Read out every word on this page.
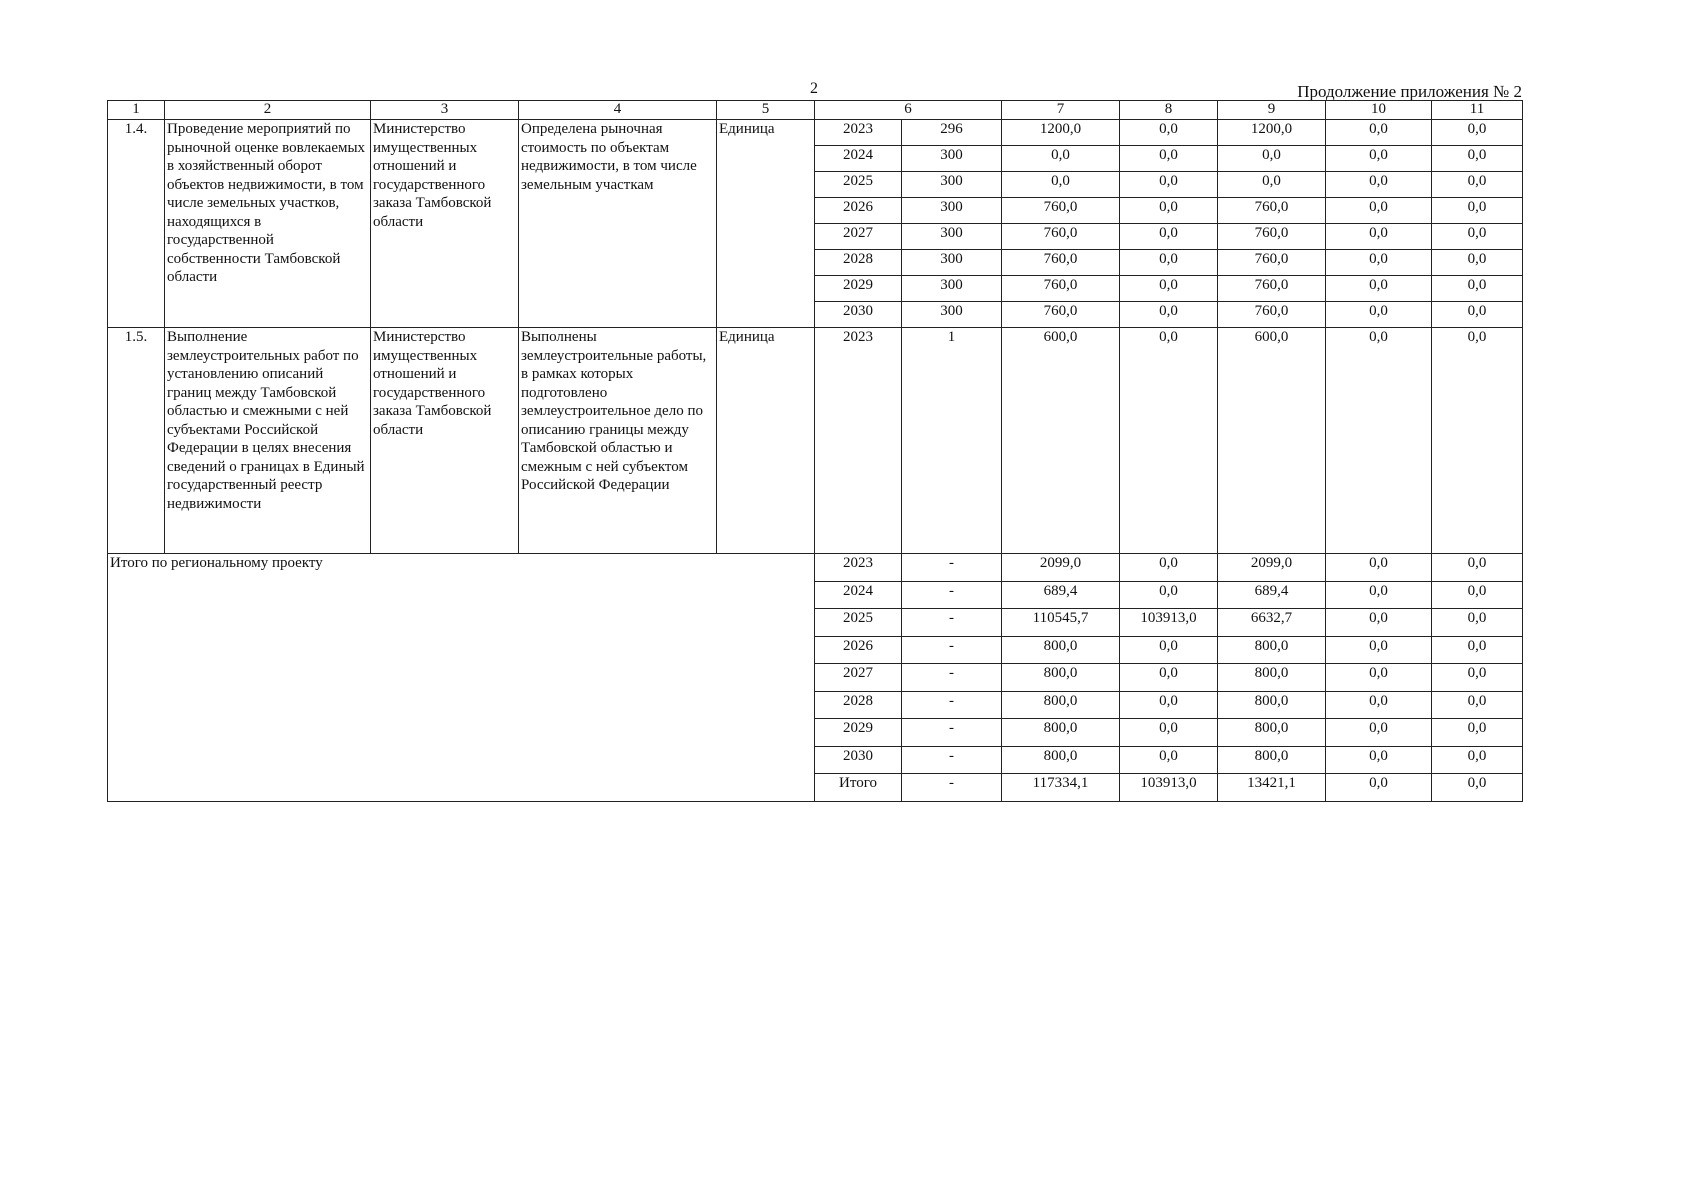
2	Продолжение приложения № 2
1	2	3	4	5	6		7	8	9	10	11
1.4.	Проведение мероприятий по рыночной оценке вовлекаемых в хозяйственный оборот объектов недвижимости, в том числе земельных участков, находящихся в государственной собственности Тамбовской области	Министерство имущественных отношений и государственного заказа Тамбовской области	Определена рыночная стоимость по объектам недвижимости, в том числе земельным участкам	Единица	2023	296	1200,0	0,0	1200,0	0,0	0,0
					2024	300	0,0	0,0	0,0	0,0	0,0
					2025	300	0,0	0,0	0,0	0,0	0,0
					2026	300	760,0	0,0	760,0	0,0	0,0
					2027	300	760,0	0,0	760,0	0,0	0,0
					2028	300	760,0	0,0	760,0	0,0	0,0
					2029	300	760,0	0,0	760,0	0,0	0,0
					2030	300	760,0	0,0	760,0	0,0	0,0
1.5.	Выполнение землеустроительных работ по установлению описаний границ между Тамбовской областью и смежными с ней субъектами Российской Федерации в целях внесения сведений о границах в Единый государственный реестр недвижимости	Министерство имущественных отношений и государственного заказа Тамбовской области	Выполнены землеустроительные работы, в рамках которых подготовлено землеустроительное дело по описанию границы между Тамбовской областью и смежным с ней субъектом Российской Федерации	Единица	2023	1	600,0	0,0	600,0	0,0	0,0
Итого по региональному проекту					2023	-	2099,0	0,0	2099,0	0,0	0,0
					2024	-	689,4	0,0	689,4	0,0	0,0
					2025	-	110545,7	103913,0	6632,7	0,0	0,0
					2026	-	800,0	0,0	800,0	0,0	0,0
					2027	-	800,0	0,0	800,0	0,0	0,0
					2028	-	800,0	0,0	800,0	0,0	0,0
					2029	-	800,0	0,0	800,0	0,0	0,0
					2030	-	800,0	0,0	800,0	0,0	0,0
					Итого	-	117334,1	103913,0	13421,1	0,0	0,0
